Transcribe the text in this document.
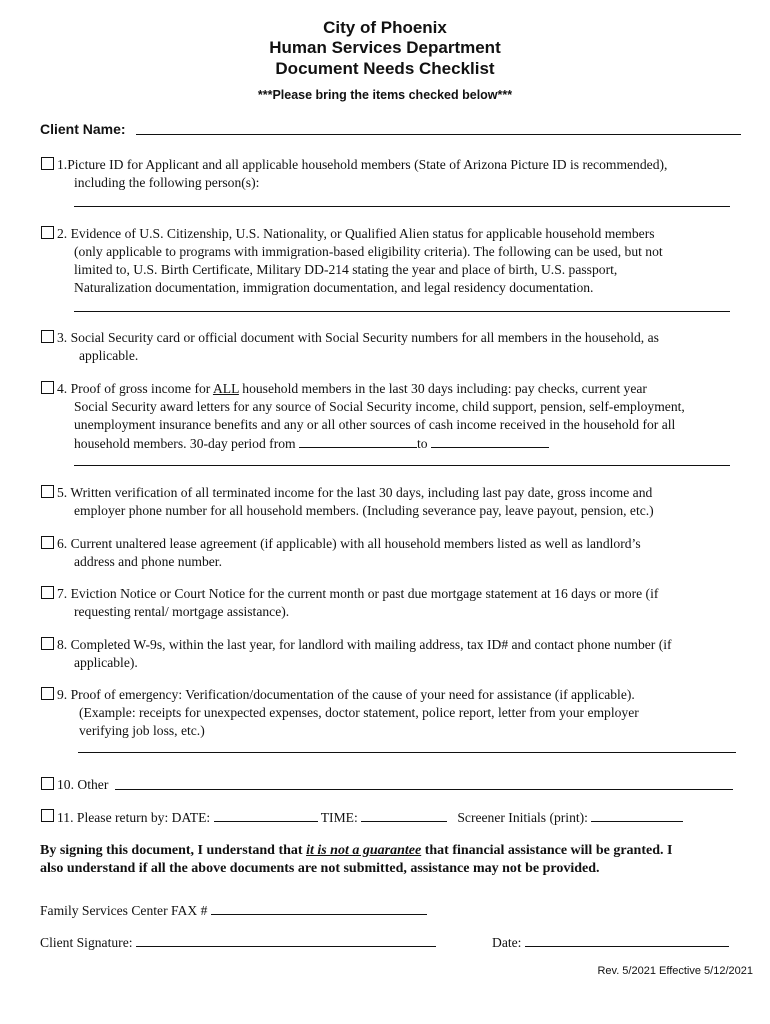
City of Phoenix
Human Services Department
Document Needs Checklist
***Please bring the items checked below***
Client Name:
1.Picture ID for Applicant and all applicable household members (State of Arizona Picture ID is recommended),
including the following person(s):
2. Evidence of U.S. Citizenship, U.S. Nationality, or Qualified Alien status for applicable household members
(only applicable to programs with immigration-based eligibility criteria). The following can be used, but not
limited to, U.S. Birth Certificate, Military DD-214 stating the year and place of birth, U.S. passport,
Naturalization documentation, immigration documentation, and legal residency documentation.
3. Social Security card or official document with Social Security numbers for all members in the household, as
applicable.
4. Proof of gross income for ALL household members in the last 30 days including: pay checks, current year
Social Security award letters for any source of Social Security income, child support, pension, self-employment,
unemployment insurance benefits and any or all other sources of cash income received in the household for all
household members. 30-day period from	to
5. Written verification of all terminated income for the last 30 days, including last pay date, gross income and
employer phone number for all household members. (Including severance pay, leave payout, pension, etc.)
6. Current unaltered lease agreement (if applicable) with all household members listed as well as landlord’s
address and phone number.
7. Eviction Notice or Court Notice for the current month or past due mortgage statement at 16 days or more (if
requesting rental/ mortgage assistance).
8. Completed W-9s, within the last year, for landlord with mailing address, tax ID# and contact phone number (if
applicable).
9. Proof of emergency: Verification/documentation of the cause of your need for assistance (if applicable).
(Example: receipts for unexpected expenses, doctor statement, police report, letter from your employer
verifying job loss, etc.)
10. Other
11. Please return by: DATE:	TIME:	Screener Initials (print):
By signing this document, I understand that it is not a guarantee that financial assistance will be granted. I
also understand if all the above documents are not submitted, assistance may not be provided.
Family Services Center FAX #
Client Signature:	Date:
Rev. 5/2021 Effective 5/12/2021
